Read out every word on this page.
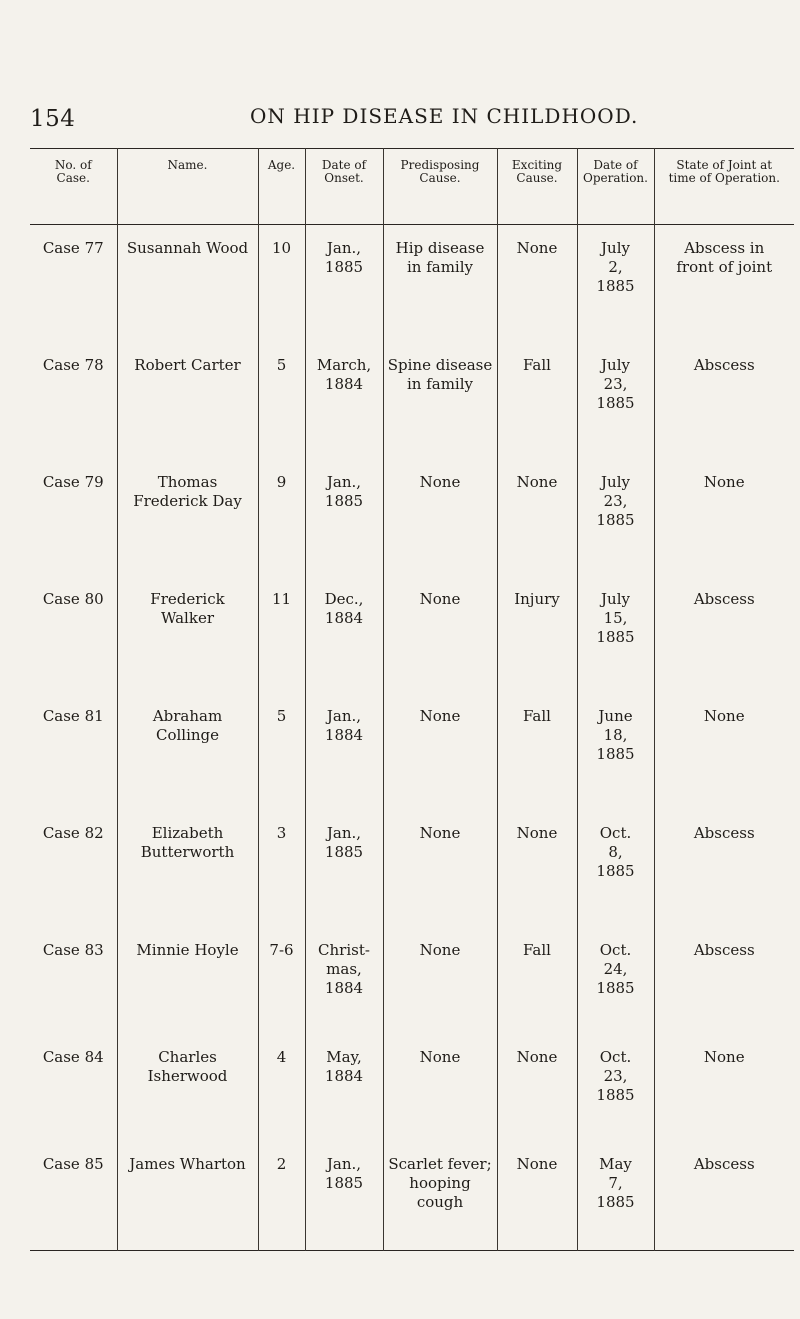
154	ON HIP DISEASE IN CHILDHOOD.
No. of
Case.	Name.	Age.	Date of
Onset.	Predisposing
Cause.	Exciting
Cause.	Date of
Operation.	State of Joint at
time of Operation.

Case 77	Susannah Wood	10	Jan.,
1885	Hip disease
in family	None	July
2,
1885	Abscess in
front of joint

Case 78	Robert Carter	5	March,
1884	Spine disease
in family	Fall	July
23,
1885	Abscess

Case 79	Thomas
Frederick Day	9	Jan.,
1885	None	None	July
23,
1885	None

Case 80	Frederick
Walker	11	Dec.,
1884	None	Injury	July
15,
1885	Abscess

Case 81	Abraham
Collinge	5	Jan.,
1884	None	Fall	June
18,
1885	None

Case 82	Elizabeth
Butterworth	3	Jan.,
1885	None	None	Oct.
8,
1885	Abscess

Case 83	Minnie Hoyle	7-6	Christ-
mas,
1884	None	Fall	Oct.
24,
1885	Abscess

Case 84	Charles
Isherwood	4	May,
1884	None	None	Oct.
23,
1885	None

Case 85	James Wharton	2	Jan.,
1885	Scarlet fever;
hooping
cough	None	May
7,
1885	Abscess
